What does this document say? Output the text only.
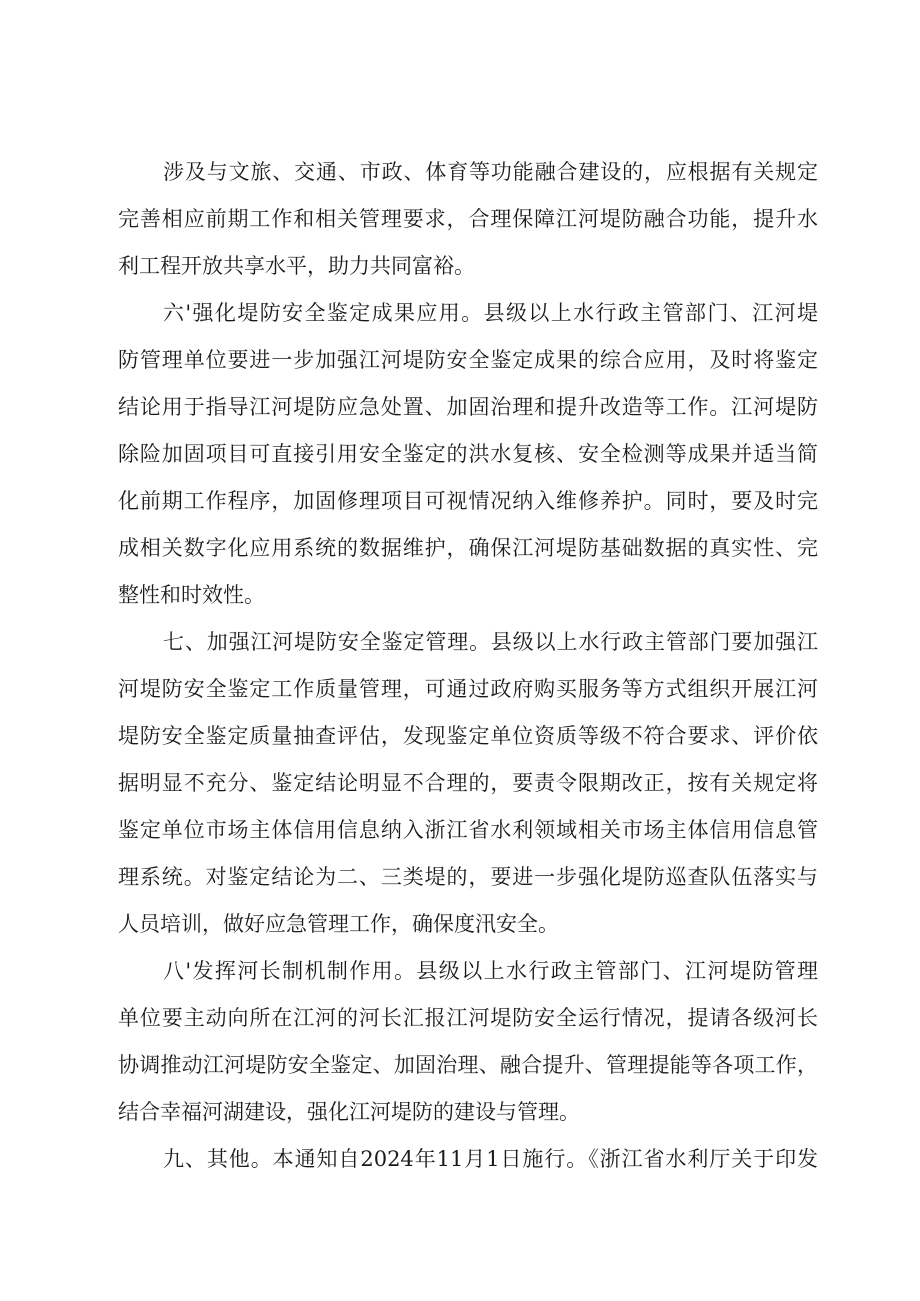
涉及与文旅、交通、市政、体育等功能融合建设的，应根据有关规定
完善相应前期工作和相关管理要求，合理保障江河堤防融合功能，提升水
利工程开放共享水平，助力共同富裕。
六'强化堤防安全鉴定成果应用。县级以上水行政主管部门、江河堤
防管理单位要进一步加强江河堤防安全鉴定成果的综合应用，及时将鉴定
结论用于指导江河堤防应急处置、加固治理和提升改造等工作。江河堤防
除险加固项目可直接引用安全鉴定的洪水复核、安全检测等成果并适当简
化前期工作程序，加固修理项目可视情况纳入维修养护。同时，要及时完
成相关数字化应用系统的数据维护，确保江河堤防基础数据的真实性、完
整性和时效性。
七、加强江河堤防安全鉴定管理。县级以上水行政主管部门要加强江
河堤防安全鉴定工作质量管理，可通过政府购买服务等方式组织开展江河
堤防安全鉴定质量抽查评估，发现鉴定单位资质等级不符合要求、评价依
据明显不充分、鉴定结论明显不合理的，要责令限期改正，按有关规定将
鉴定单位市场主体信用信息纳入浙江省水利领域相关市场主体信用信息管
理系统。对鉴定结论为二、三类堤的，要进一步强化堤防巡查队伍落实与
人员培训，做好应急管理工作，确保度汛安全。
八'发挥河长制机制作用。县级以上水行政主管部门、江河堤防管理
单位要主动向所在江河的河长汇报江河堤防安全运行情况，提请各级河长
协调推动江河堤防安全鉴定、加固治理、融合提升、管理提能等各项工作，
结合幸福河湖建设，强化江河堤防的建设与管理。
九、其他。本通知自2024年11月1日施行。《浙江省水利厅关于印发
